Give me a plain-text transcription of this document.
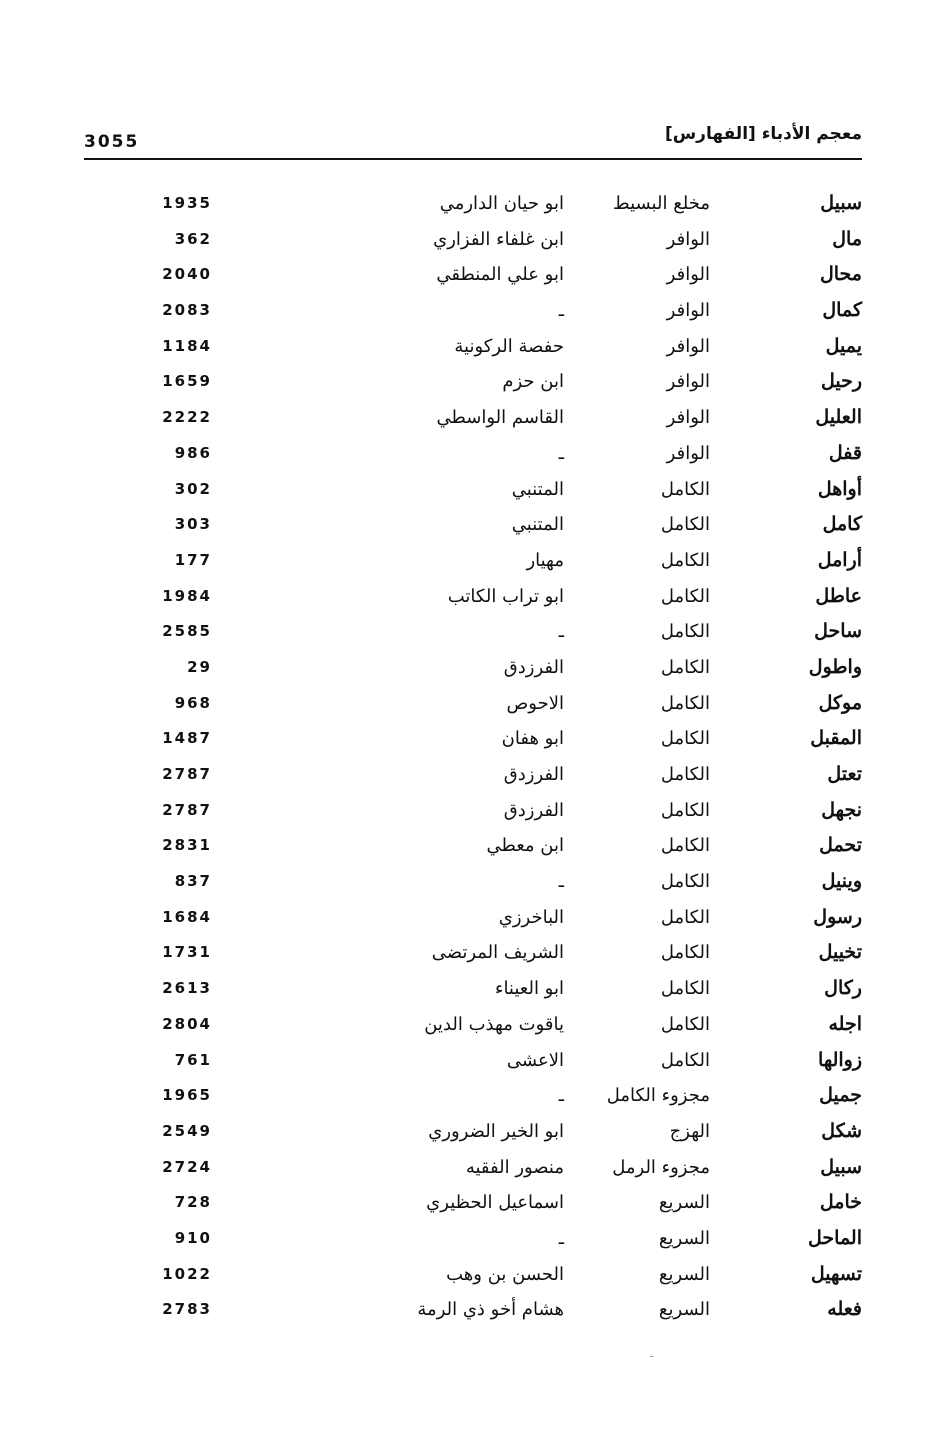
3055	معجم الأدباء [الفهارس]
سبيل
مخلع البسيط
ابو حيان الدارمي
1935
مال
الوافر
ابن غلفاء الفزاري
362
محال
الوافر
ابو علي المنطقي
2040
كمال
الوافر
ـ
2083
يميل
الوافر
حفصة الركونية
1184
رحيل
الوافر
ابن حزم
1659
العليل
الوافر
القاسم الواسطي
2222
قفل
الوافر
ـ
986
أواهل
الكامل
المتنبي
302
كامل
الكامل
المتنبي
303
أرامل
الكامل
مهيار
177
عاطل
الكامل
ابو تراب الكاتب
1984
ساحل
الكامل
ـ
2585
واطول
الكامل
الفرزدق
29
موكل
الكامل
الاحوص
968
المقبل
الكامل
ابو هفان
1487
تعتل
الكامل
الفرزدق
2787
نجهل
الكامل
الفرزدق
2787
تحمل
الكامل
ابن معطي
2831
وينيل
الكامل
ـ
837
رسول
الكامل
الباخرزي
1684
تخييل
الكامل
الشريف المرتضى
1731
ركال
الكامل
ابو العيناء
2613
اجله
الكامل
ياقوت مهذب الدين
2804
زوالها
الكامل
الاعشى
761
جميل
مجزوء الكامل
ـ
1965
شكل
الهزج
ابو الخير الضروري
2549
سبيل
مجزوء الرمل
منصور الفقيه
2724
خامل
السريع
اسماعيل الحظيري
728
الماحل
السريع
ـ
910
تسهيل
السريع
الحسن بن وهب
1022
فعله
السريع
هشام أخو ذي الرمة
2783
